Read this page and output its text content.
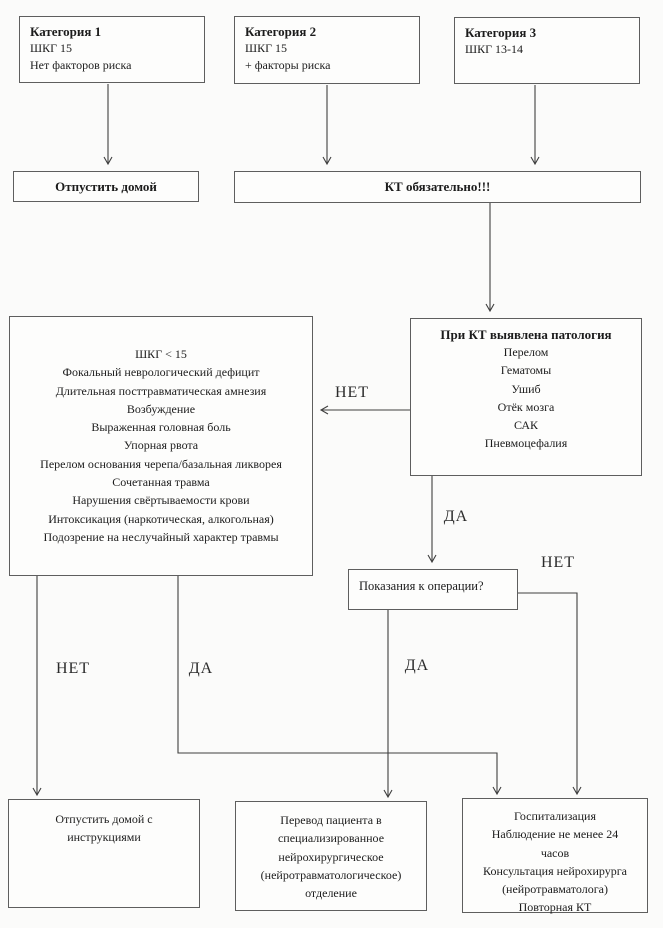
Категория 1
ШКГ 15
Нет факторов риска
Категория 2
ШКГ 15
+ факторы риска
Категория 3
ШКГ 13-14
Отпустить домой	КТ обязательно!!!
ШКГ < 15
Фокальный неврологический дефицит
Длительная посттравматическая амнезия
Возбуждение
Выраженная головная боль
Упорная рвота
Перелом основания черепа/базальная ликворея
Сочетанная травма
Нарушения свёртываемости крови
Интоксикация (наркотическая, алкогольная)
Подозрение на неслучайный характер травмы
При КТ выявлена патология
Перелом
Гематомы
Ушиб
Отёк мозга
САК
Пневмоцефалия
Показания к операции?
Отпустить домой с
инструкциями
Перевод пациента в
специализированное
нейрохирургическое
(нейротравматологическое)
отделение
Госпитализация
Наблюдение не менее 24
часов
Консультация нейрохирурга
(нейротравматолога)
Повторная КТ
НЕТ
ДА
НЕТ
ДА
НЕТ	ДА
